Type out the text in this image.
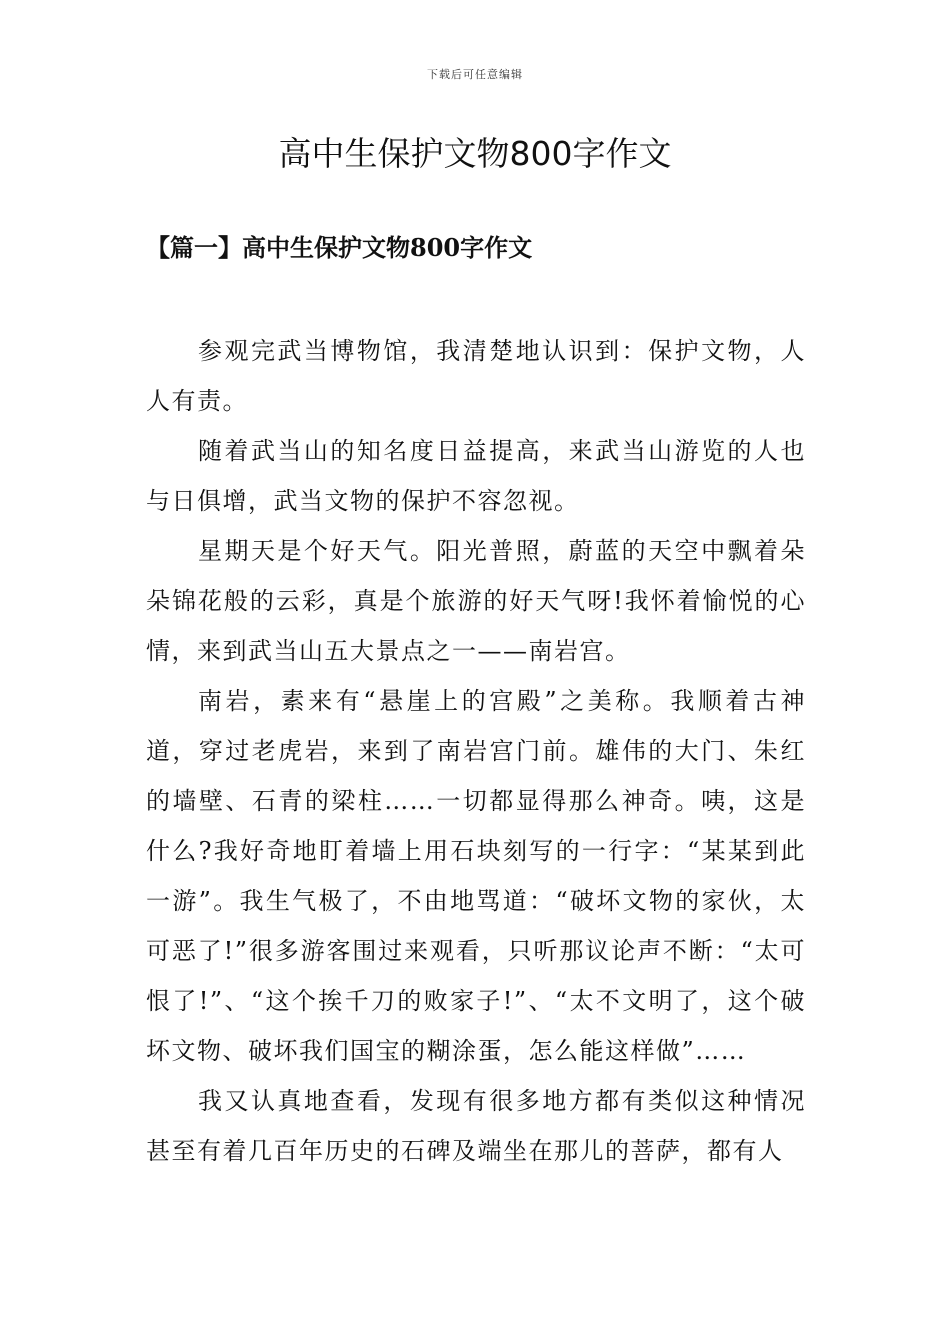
下载后可任意编辑
高中生保护文物800字作文
【篇一】高中生保护文物800字作文

参观完武当博物馆，我清楚地认识到：保护文物，人人有责。

随着武当山的知名度日益提高，来武当山游览的人也与日俱增，武当文物的保护不容忽视。

星期天是个好天气。阳光普照，蔚蓝的天空中飘着朵朵锦花般的云彩，真是个旅游的好天气呀!我怀着愉悦的心情，来到武当山五大景点之一——南岩宫。

南岩，素来有“悬崖上的宫殿”之美称。我顺着古神道，穿过老虎岩，来到了南岩宫门前。雄伟的大门、朱红的墙壁、石青的梁柱……一切都显得那么神奇。咦，这是什么?我好奇地盯着墙上用石块刻写的一行字：“某某到此一游”。我生气极了，不由地骂道：“破坏文物的家伙，太可恶了!”很多游客围过来观看，只听那议论声不断：“太可恨了!”、“这个挨千刀的败家子!”、“太不文明了，这个破坏文物、破坏我们国宝的糊涂蛋，怎么能这样做”……

我又认真地查看，发现有很多地方都有类似这种情况甚至有着几百年历史的石碑及端坐在那儿的菩萨，都有人
